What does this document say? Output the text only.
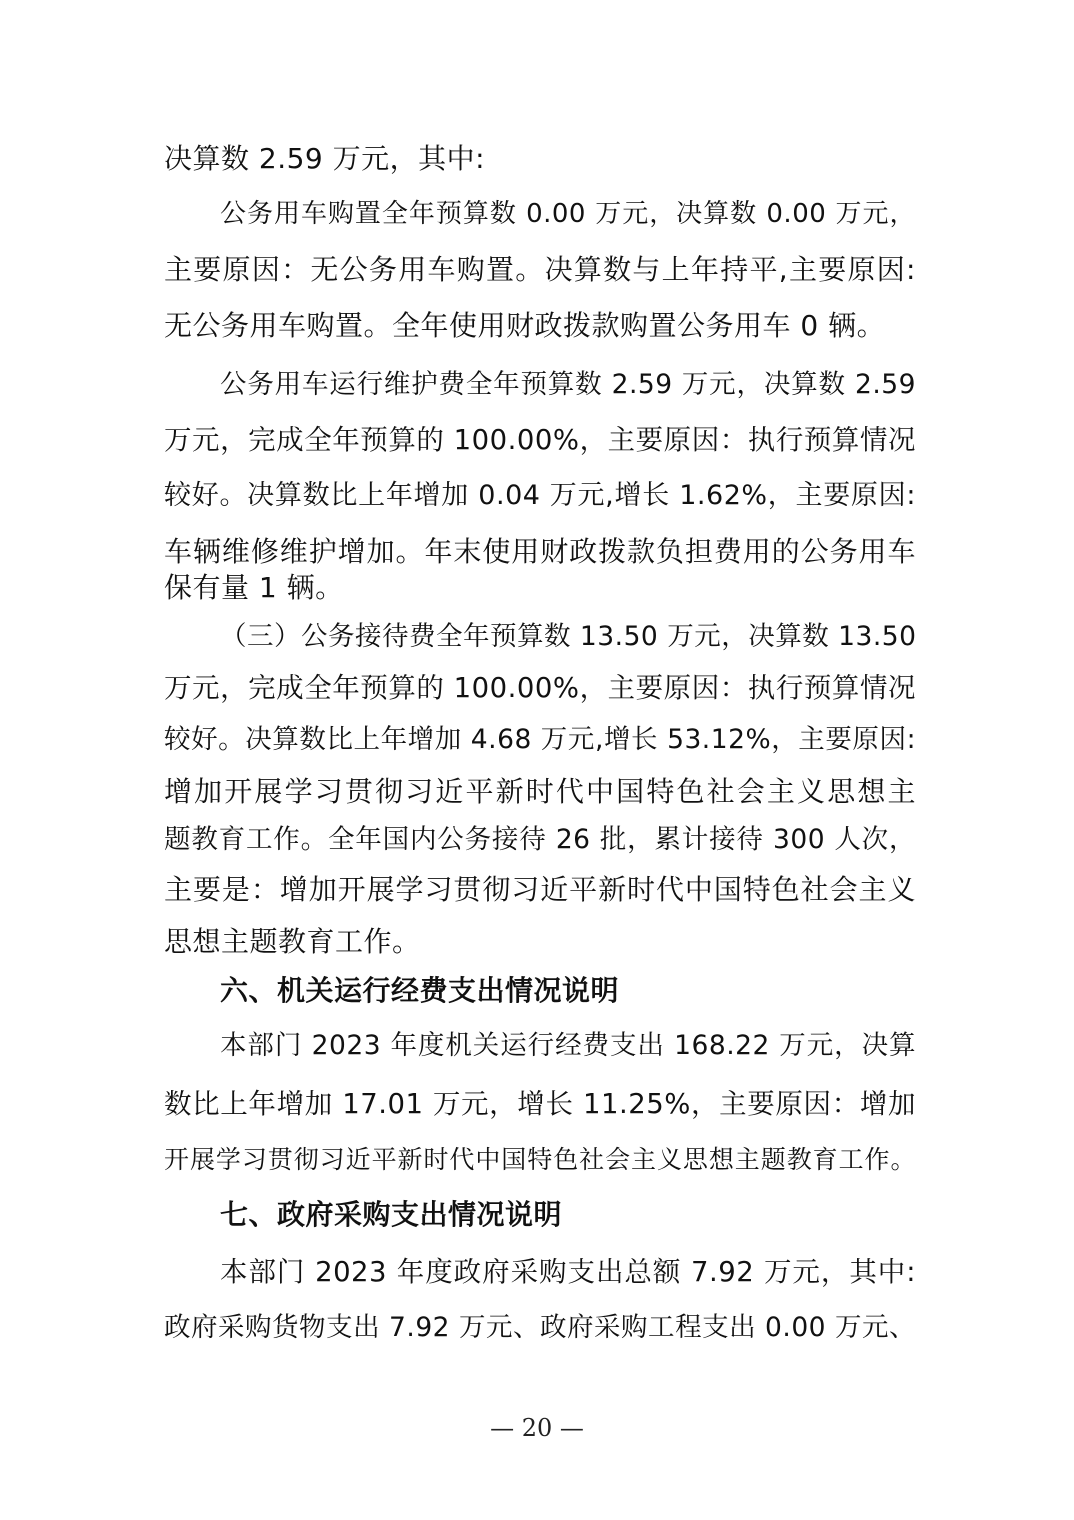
决算数 2.59 万元，其中:
公务用车购置全年预算数 0.00 万元，决算数 0.00 万元，
主要原因：无公务用车购置。决算数与上年持平,主要原因:
无公务用车购置。全年使用财政拨款购置公务用车 0 辆。
公务用车运行维护费全年预算数 2.59 万元，决算数 2.59
万元，完成全年预算的 100.00%，主要原因：执行预算情况
较好。决算数比上年增加 0.04 万元,增长 1.62%，主要原因:
车辆维修维护增加。年末使用财政拨款负担费用的公务用车
保有量 1 辆。
（三）公务接待费全年预算数 13.50 万元，决算数 13.50
万元，完成全年预算的 100.00%，主要原因：执行预算情况
较好。决算数比上年增加 4.68 万元,增长 53.12%，主要原因:
增加开展学习贯彻习近平新时代中国特色社会主义思想主
题教育工作。全年国内公务接待 26 批，累计接待 300 人次，
主要是：增加开展学习贯彻习近平新时代中国特色社会主义
思想主题教育工作。
六、机关运行经费支出情况说明
本部门 2023 年度机关运行经费支出 168.22 万元，决算
数比上年增加 17.01 万元，增长 11.25%，主要原因：增加
开展学习贯彻习近平新时代中国特色社会主义思想主题教育工作。
七、政府采购支出情况说明
本部门 2023 年度政府采购支出总额 7.92 万元，其中:
政府采购货物支出 7.92 万元、政府采购工程支出 0.00 万元、
— 20 —
